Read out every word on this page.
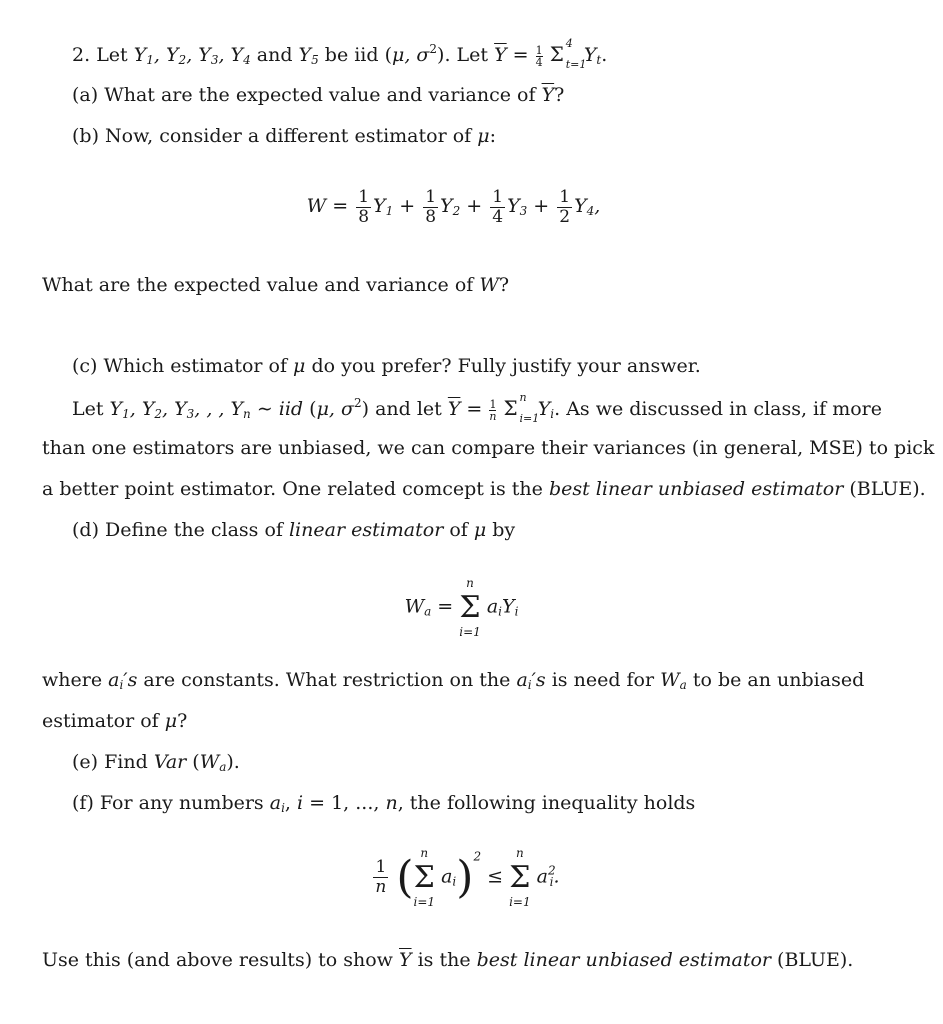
2. Let $Y_1$, $Y_2$, $Y_3$, $Y_4$ and $Y_5$ be iid (μ, $\sigma^2$). Let $\overline{Y} = \frac{1}{4}$ Σ 4
t=1
$Y_t$.
(a) What are the expected value and variance of $\overline{Y}$?
(b) Now, consider a different estimator of μ:
$W = \frac{1}{8} Y_1 + \frac{1}{8} Y_2 + \frac{1}{4} Y_3 + \frac{1}{2} Y_4$,
What are the expected value and variance of W?
(c) Which estimator of μ do you prefer? Fully justify your answer.
Let $Y_1$, $Y_2$, $Y_3$, , , $Y_n$ ∼ iid (μ, $\sigma^2$) and let $\overline{Y} = \frac{1}{n}$ Σ n
i=1
$Y_i$. As we discussed in class, if more
than one estimators are unbiased, we can compare their variances (in general, MSE) to pick
a better point estimator. One related comcept is the best linear unbiased estimator (BLUE).
(d) Define the class of linear estimator of μ by
$W_a$ =
n
Σ
i=1
$a_iY_i$
where $a_i's$ are constants. What restriction on the $a_i's$ is need for $W_a$ to be an unbiased
estimator of μ?
(e) Find Var $(W_a)$.
(f) For any numbers $a_i$, i = 1, ..., n, the following inequality holds
$\frac{1}{n}$ ( n
Σ
i=1
$a_i)^2$ ≤
n
Σ
i=1
$a^2_i$.
Use this (and above results) to show $\overline{Y}$ is the best linear unbiased estimator (BLUE).
